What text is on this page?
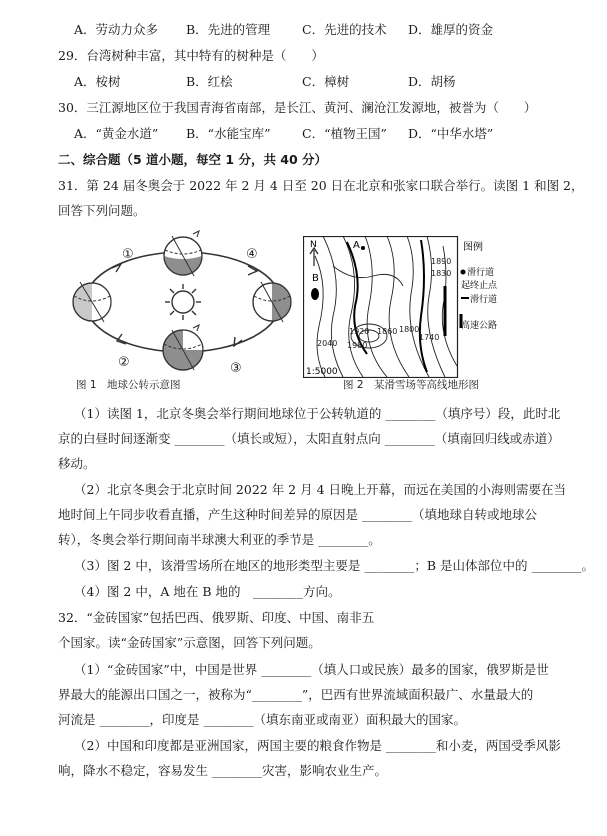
A．劳动力众多	B．先进的管理	C．先进的技术	D．雄厚的资金
29．台湾树种丰富，其中特有的树种是（　　）
A．桉树	B．红桧	C．樟树	D．胡杨
30．三江源地区位于我国青海省南部，是长江、黄河、澜沧江发源地，被誉为（　　）
A．“黄金水道”	B．“水能宝库”	C．“植物王国”	D．“中华水塔”
二、综合题（5 道小题，每空 1 分，共 40 分）
31．第 24 届冬奥会于 2022 年 2 月 4 日至 20 日在北京和张家口联合举行。读图 1 和图 2，
回答下列问题。
①	④
②	③
图 1　地球公转示意图
N	A
B
1890
1830
2040
1920
1980
1860 1800
1740
1:5000
图例
滑行道
起终止点
滑行道
高速公路
图 2　某滑雪场等高线地形图
（1）读图 1，北京冬奥会举行期间地球位于公转轨道的 ________（填序号）段，此时北
京的白昼时间逐渐变 ________（填长或短），太阳直射点向 ________（填南回归线或赤道）
移动。
（2）北京冬奥会于北京时间 2022 年 2 月 4 日晚上开幕，而远在美国的小海则需要在当
地时间上午同步收看直播，产生这种时间差异的原因是 ________（填地球自转或地球公
转），冬奥会举行期间南半球澳大利亚的季节是 ________。
（3）图 2 中，该滑雪场所在地区的地形类型主要是 ________；B 是山体部位中的 ________。
（4）图 2 中，A 地在 B 地的　________方向。
32．“金砖国家”包括巴西、俄罗斯、印度、中国、南非五
个国家。读“金砖国家”示意图，回答下列问题。
（1）“金砖国家”中，中国是世界 ________（填人口或民族）最多的国家，俄罗斯是世
界最大的能源出口国之一，被称为“________”，巴西有世界流域面积最广、水量最大的
河流是 ________，印度是 ________（填东南亚或南亚）面积最大的国家。
（2）中国和印度都是亚洲国家，两国主要的粮食作物是 ________和小麦，两国受季风影
响，降水不稳定，容易发生 ________灾害，影响农业生产。
